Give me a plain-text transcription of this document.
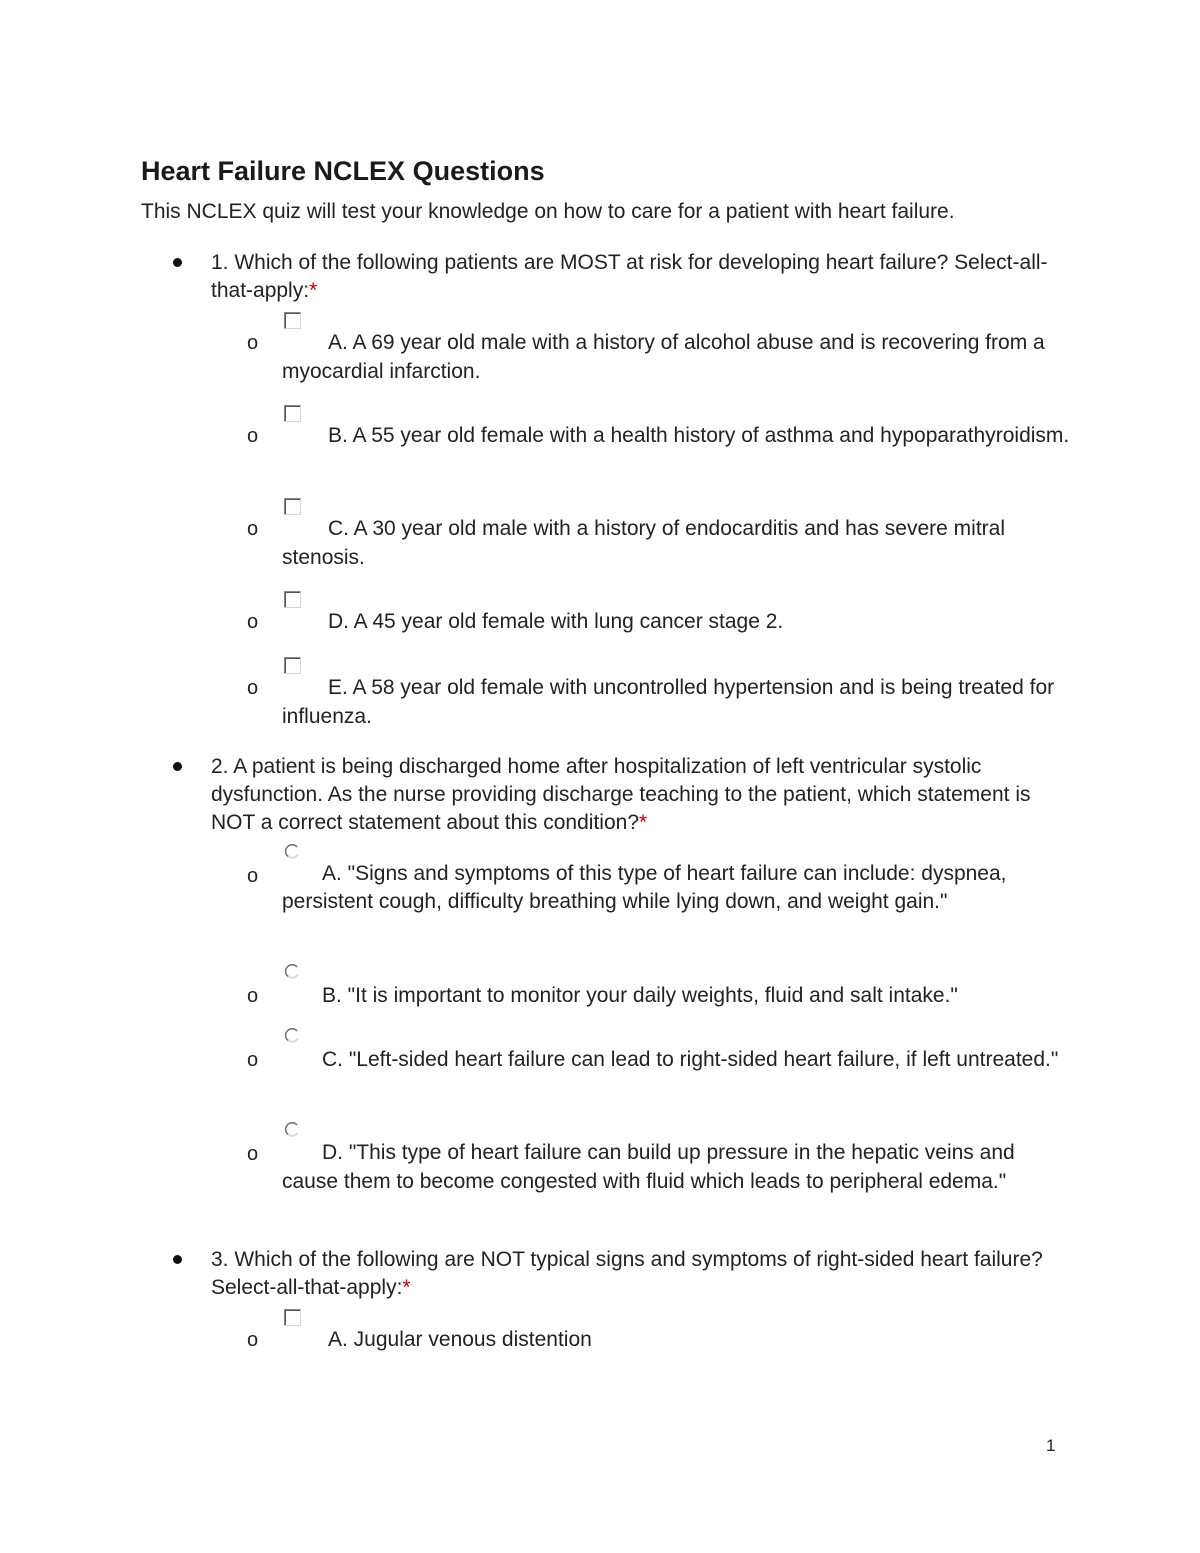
Heart Failure NCLEX Questions

This NCLEX quiz will test your knowledge on how to care for a patient with heart failure.

1. Which of the following patients are MOST at risk for developing heart failure? Select-all-that-apply:*
o	A. A 69 year old male with a history of alcohol abuse and is recovering from a myocardial infarction.
o	B. A 55 year old female with a health history of asthma and hypoparathyroidism.
o	C. A 30 year old male with a history of endocarditis and has severe mitral stenosis.
o	D. A 45 year old female with lung cancer stage 2.
o	E. A 58 year old female with uncontrolled hypertension and is being treated for influenza.
2. A patient is being discharged home after hospitalization of left ventricular systolic dysfunction. As the nurse providing discharge teaching to the patient, which statement is NOT a correct statement about this condition?*
o	A. "Signs and symptoms of this type of heart failure can include: dyspnea, persistent cough, difficulty breathing while lying down, and weight gain."
o	B. "It is important to monitor your daily weights, fluid and salt intake."
o	C. "Left-sided heart failure can lead to right-sided heart failure, if left untreated."
o	D. "This type of heart failure can build up pressure in the hepatic veins and cause them to become congested with fluid which leads to peripheral edema."
3. Which of the following are NOT typical signs and symptoms of right-sided heart failure? Select-all-that-apply:*
o	A. Jugular venous distention
1
